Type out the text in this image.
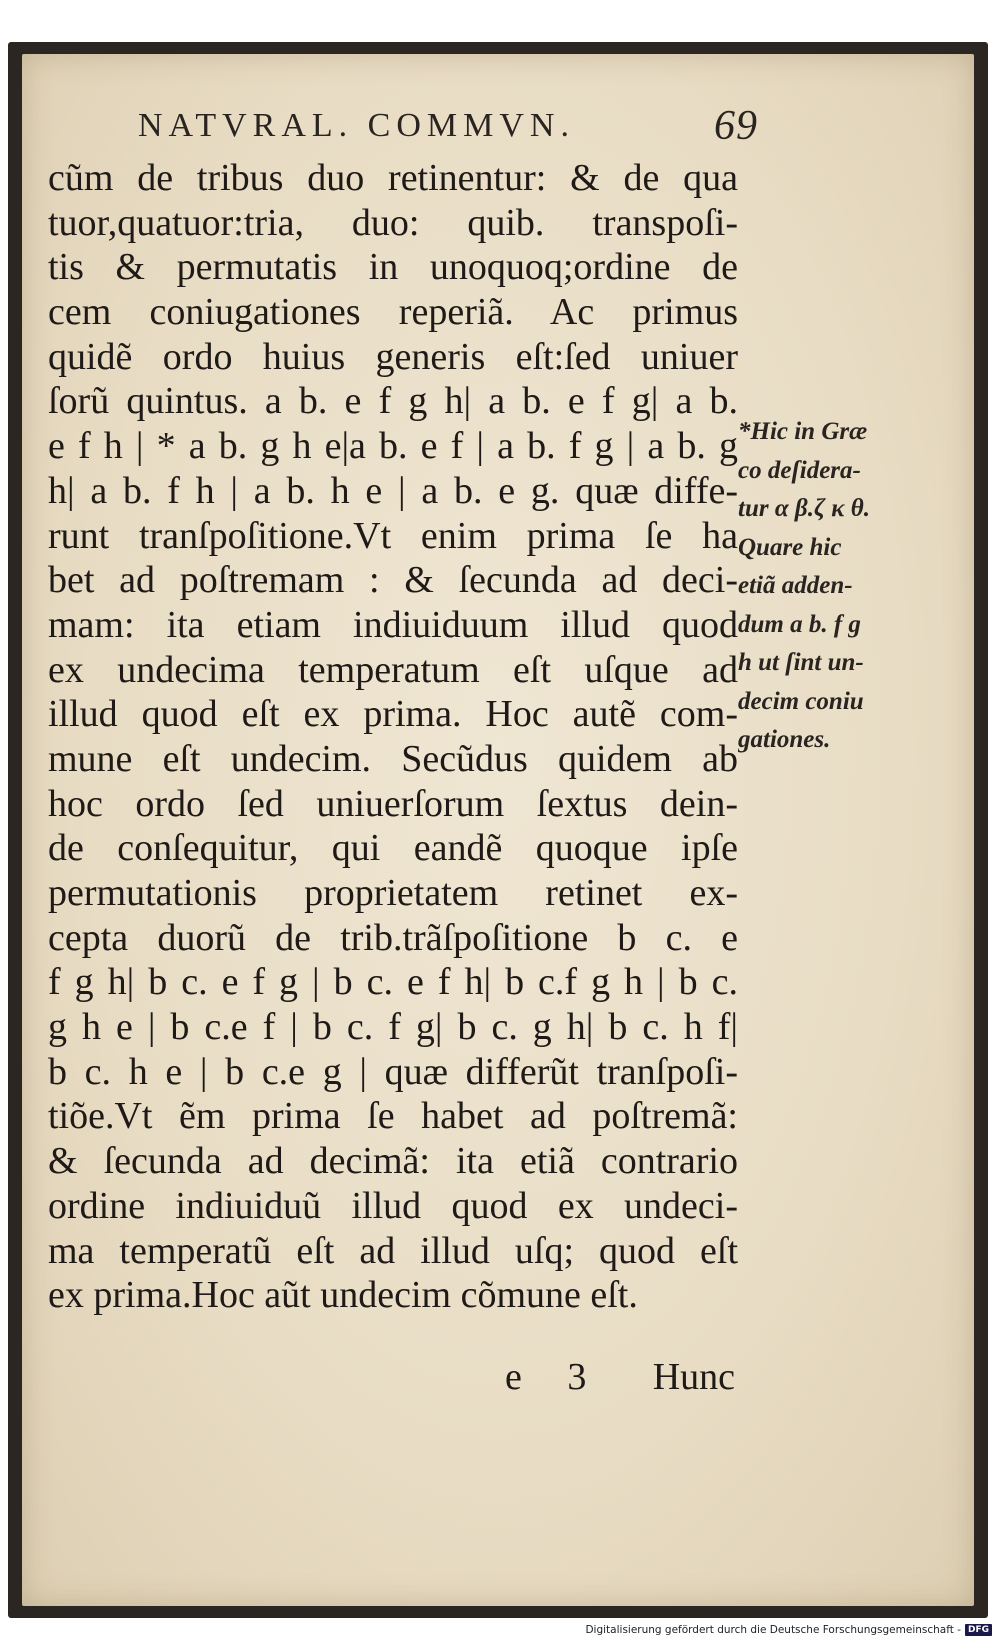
NATVRAL. COMMVN.	69
cũm de tribus duo retinentur: & de qua
tuor,quatuor:tria, duo: quib. transpoſi-
tis & permutatis in unoquoq;ordine de
cem coniugationes reperiã. Ac primus
quidẽ ordo huius generis eſt:ſed uniuer
ſorũ quintus. a b. e f g h| a b. e f g| a b.
e f h | * a b. g h e|a b. e f | a b. f g | a b. g
h| a b. f h | a b. h e | a b. e g. quæ diffe-
runt tranſpoſitione.Vt enim prima ſe ha
bet ad poſtremam : & ſecunda ad deci-
mam: ita etiam indiuiduum illud quod
ex undecima temperatum eſt uſque ad
illud quod eſt ex prima. Hoc autẽ com-
mune eſt undecim. Secũdus quidem ab
hoc ordo ſed uniuerſorum ſextus dein-
de conſequitur, qui eandẽ quoque ipſe
permutationis proprietatem retinet ex-
cepta duorũ de trib.trãſpoſitione b c. e
f g h| b c. e f g | b c. e f h| b c.f g h | b c.
g h e | b c.e f | b c. f g| b c. g h| b c. h f|
b c. h e | b c.e g | quæ differũt tranſpoſi-
tiõe.Vt ẽm prima ſe habet ad poſtremã:
& ſecunda ad decimã: ita etiã contrario
ordine indiuiduũ illud quod ex undeci-
ma temperatũ eſt ad illud uſq; quod eſt
ex prima.Hoc aũt undecim cõmune eſt.
e 3 Hunc
*Hic in Græ
co deſidera-
tur α β.ζ κ θ.
Quare hic
etiã adden-
dum a b. f g
h ut ſint un-
decim coniu
gationes.
Digitalisierung gefördert durch die Deutsche Forschungsgemeinschaft - DFG
